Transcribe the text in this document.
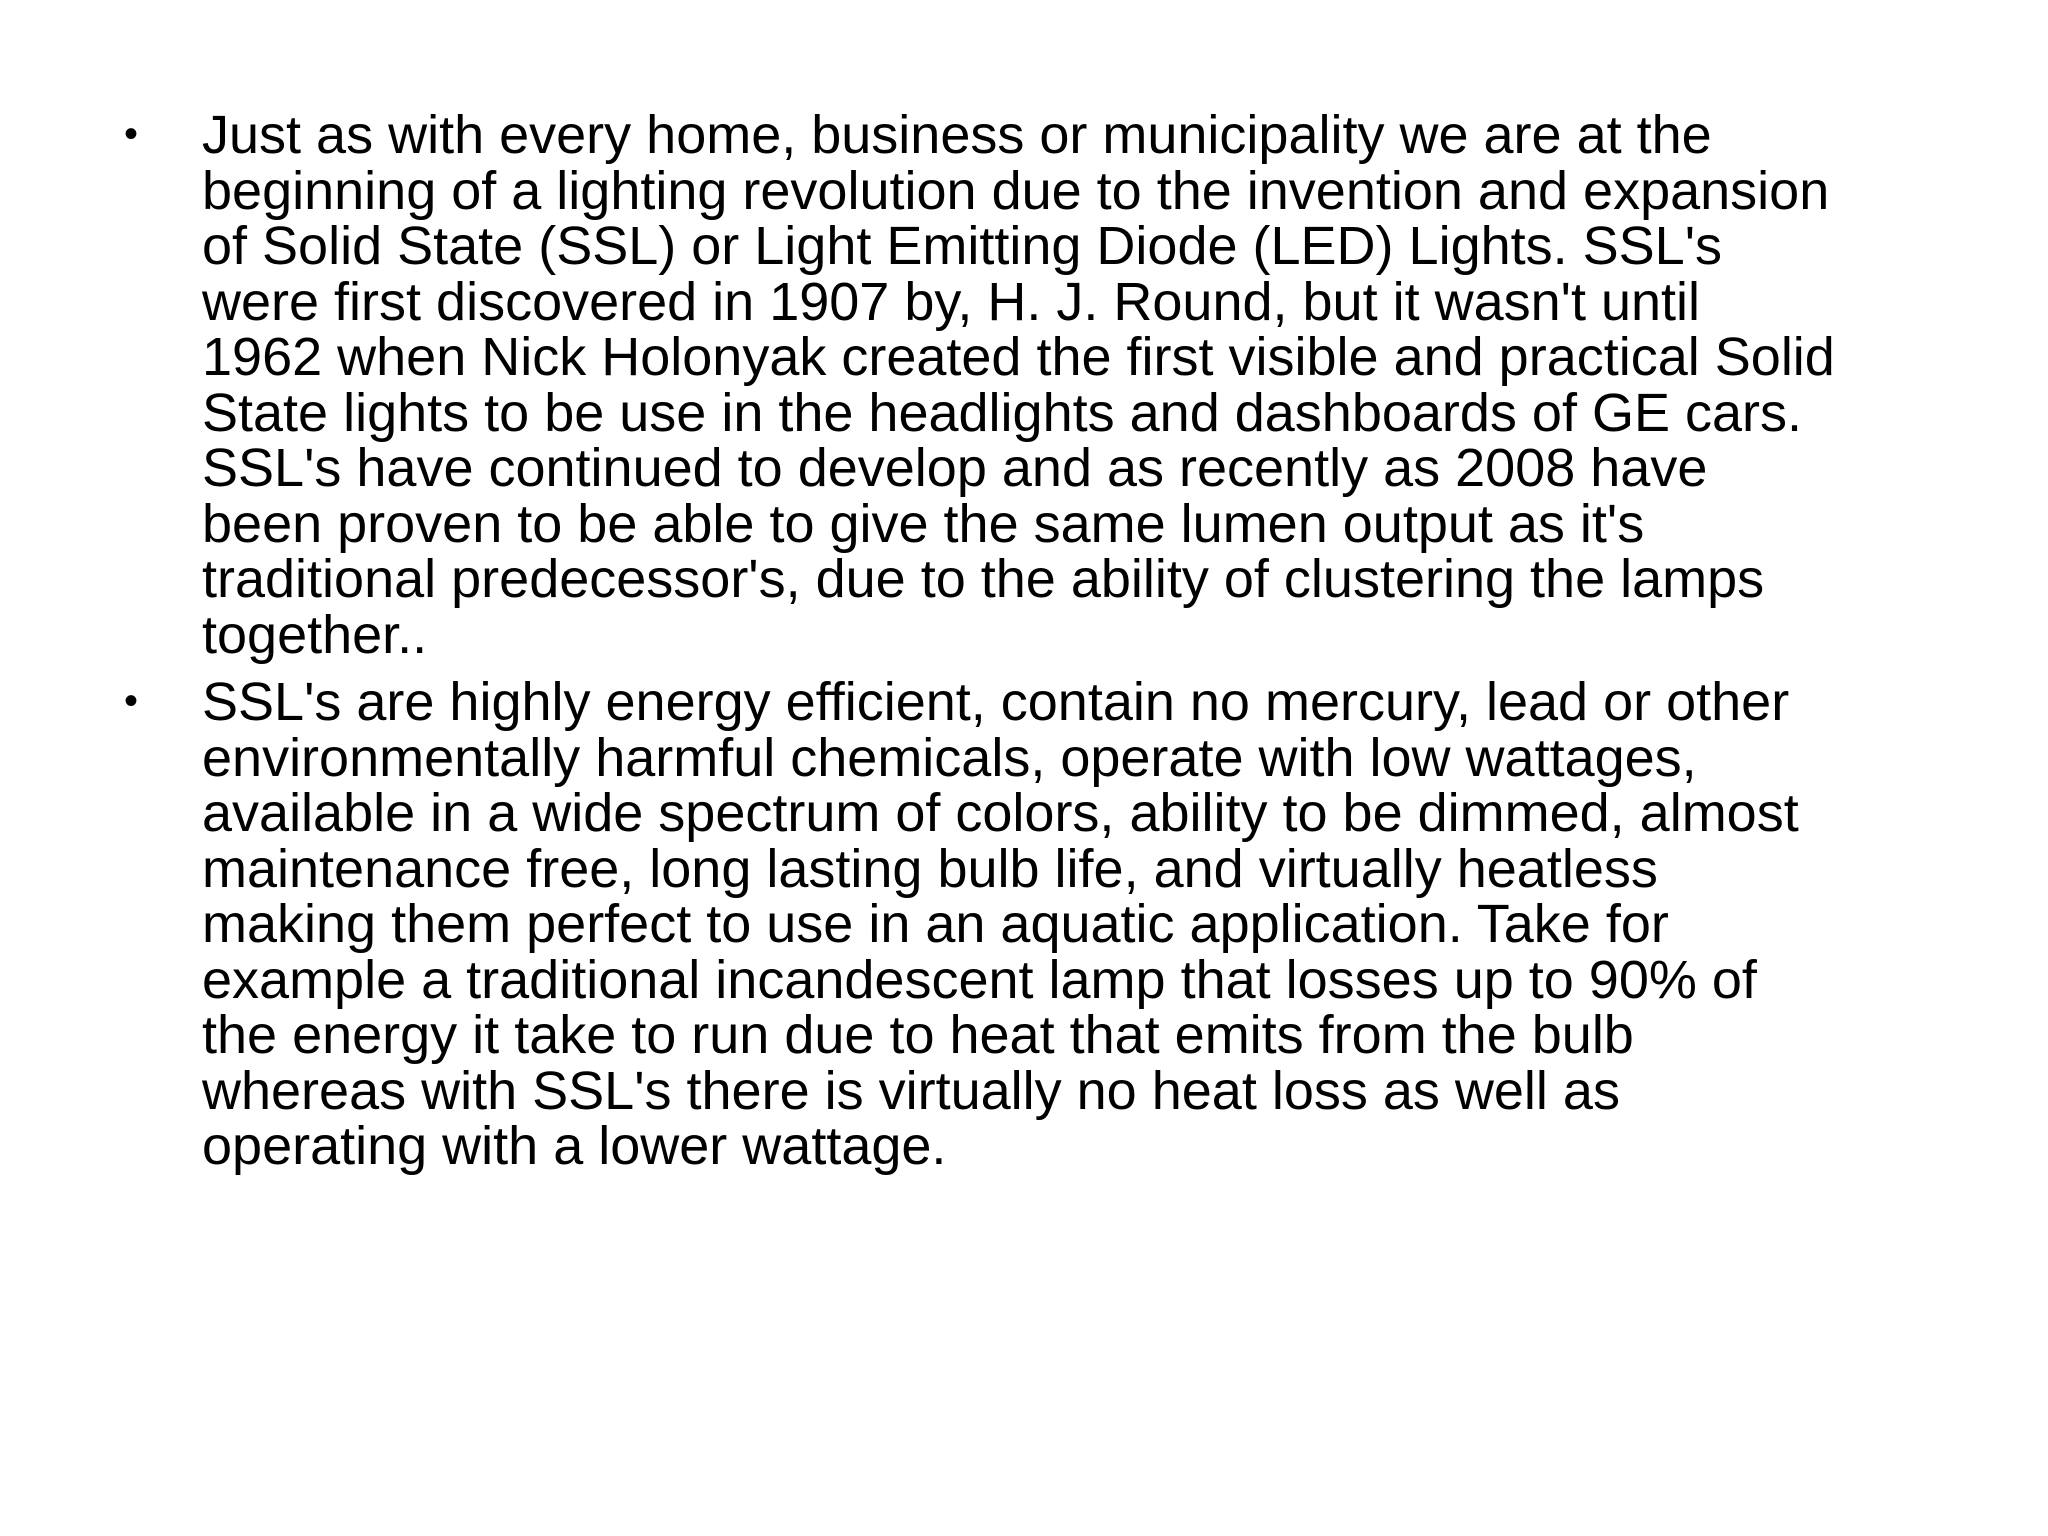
•	Just as with every home, business or municipality we are at the
beginning of a lighting revolution due to the invention and expansion
of Solid State (SSL) or Light Emitting Diode (LED) Lights. SSL's
were first discovered in 1907 by, H. J. Round, but it wasn't until
1962 when Nick Holonyak created the first visible and practical Solid
State lights to be use in the headlights and dashboards of GE cars.
SSL's have continued to develop and as recently as 2008 have
been proven to be able to give the same lumen output as it's
traditional predecessor's, due to the ability of clustering the lamps
together..
•	SSL's are highly energy efficient, contain no mercury, lead or other
environmentally harmful chemicals, operate with low wattages,
available in a wide spectrum of colors, ability to be dimmed, almost
maintenance free, long lasting bulb life, and virtually heatless
making them perfect to use in an aquatic application. Take for
example a traditional incandescent lamp that losses up to 90% of
the energy it take to run due to heat that emits from the bulb
whereas with SSL's there is virtually no heat loss as well as
operating with a lower wattage.
